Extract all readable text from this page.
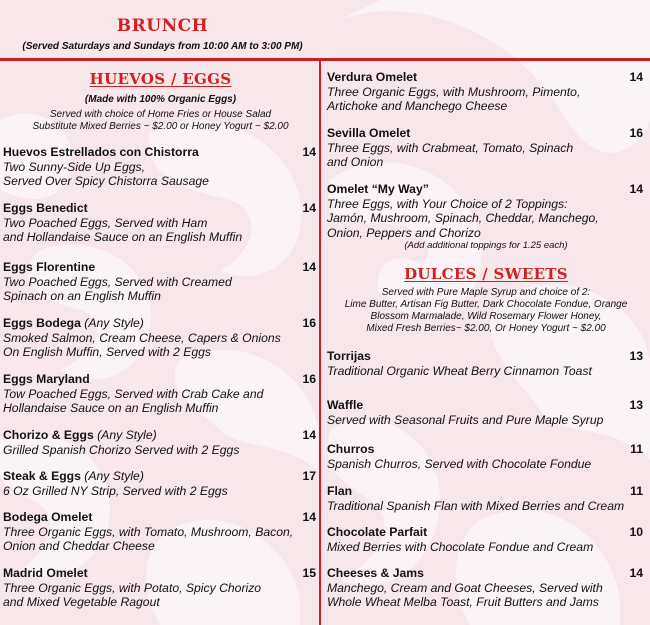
BRUNCH
(Served Saturdays and Sundays from 10:00 AM to 3:00 PM)
HUEVOS / EGGS
(Made with 100% Organic Eggs)
Served with choice of Home Fries or House Salad
Substitute Mixed Berries ~ $2.00 or Honey Yogurt ~ $2.00
Huevos Estrellados con Chistorra	14
Two Sunny-Side Up Eggs,
Served Over Spicy Chistorra Sausage
Eggs Benedict	14
Two Poached Eggs, Served with Ham
and Hollandaise Sauce on an English Muffin
Eggs Florentine	14
Two Poached Eggs, Served with Creamed
Spinach on an English Muffin
Eggs Bodega (Any Style)	16
Smoked Salmon, Cream Cheese, Capers & Onions
On English Muffin, Served with 2 Eggs
Eggs Maryland	16
Tow Poached Eggs, Served with Crab Cake and
Hollandaise Sauce on an English Muffin
Chorizo & Eggs (Any Style)	14
Grilled Spanish Chorizo Served with 2 Eggs
Steak & Eggs (Any Style)	17
6 Oz Grilled NY Strip, Served with 2 Eggs
Bodega Omelet	14
Three Organic Eggs, with Tomato, Mushroom, Bacon,
Onion and Cheddar Cheese
Madrid Omelet	15
Three Organic Eggs, with Potato, Spicy Chorizo
and Mixed Vegetable Ragout
Verdura Omelet	14
Three Organic Eggs, with Mushroom, Pimento,
Artichoke and Manchego Cheese
Sevilla Omelet	16
Three Eggs, with Crabmeat, Tomato, Spinach
and Onion
Omelet “My Way”	14
Three Eggs, with Your Choice of 2 Toppings:
Jamón, Mushroom, Spinach, Cheddar, Manchego,
Onion, Peppers and Chorizo
(Add additional toppings for 1.25 each)
DULCES / SWEETS
Served with Pure Maple Syrup and choice of 2:
Lime Butter, Artisan Fig Butter, Dark Chocolate Fondue, Orange
Blossom Marmalade, Wild Rosemary Flower Honey,
Mixed Fresh Berries~ $2.00, Or Honey Yogurt ~ $2.00
Torrijas	13
Traditional Organic Wheat Berry Cinnamon Toast
Waffle	13
Served with Seasonal Fruits and Pure Maple Syrup
Churros	11
Spanish Churros, Served with Chocolate Fondue
Flan	11
Traditional Spanish Flan with Mixed Berries and Cream
Chocolate Parfait	10
Mixed Berries with Chocolate Fondue and Cream
Cheeses & Jams	14
Manchego, Cream and Goat Cheeses, Served with
Whole Wheat Melba Toast, Fruit Butters and Jams
